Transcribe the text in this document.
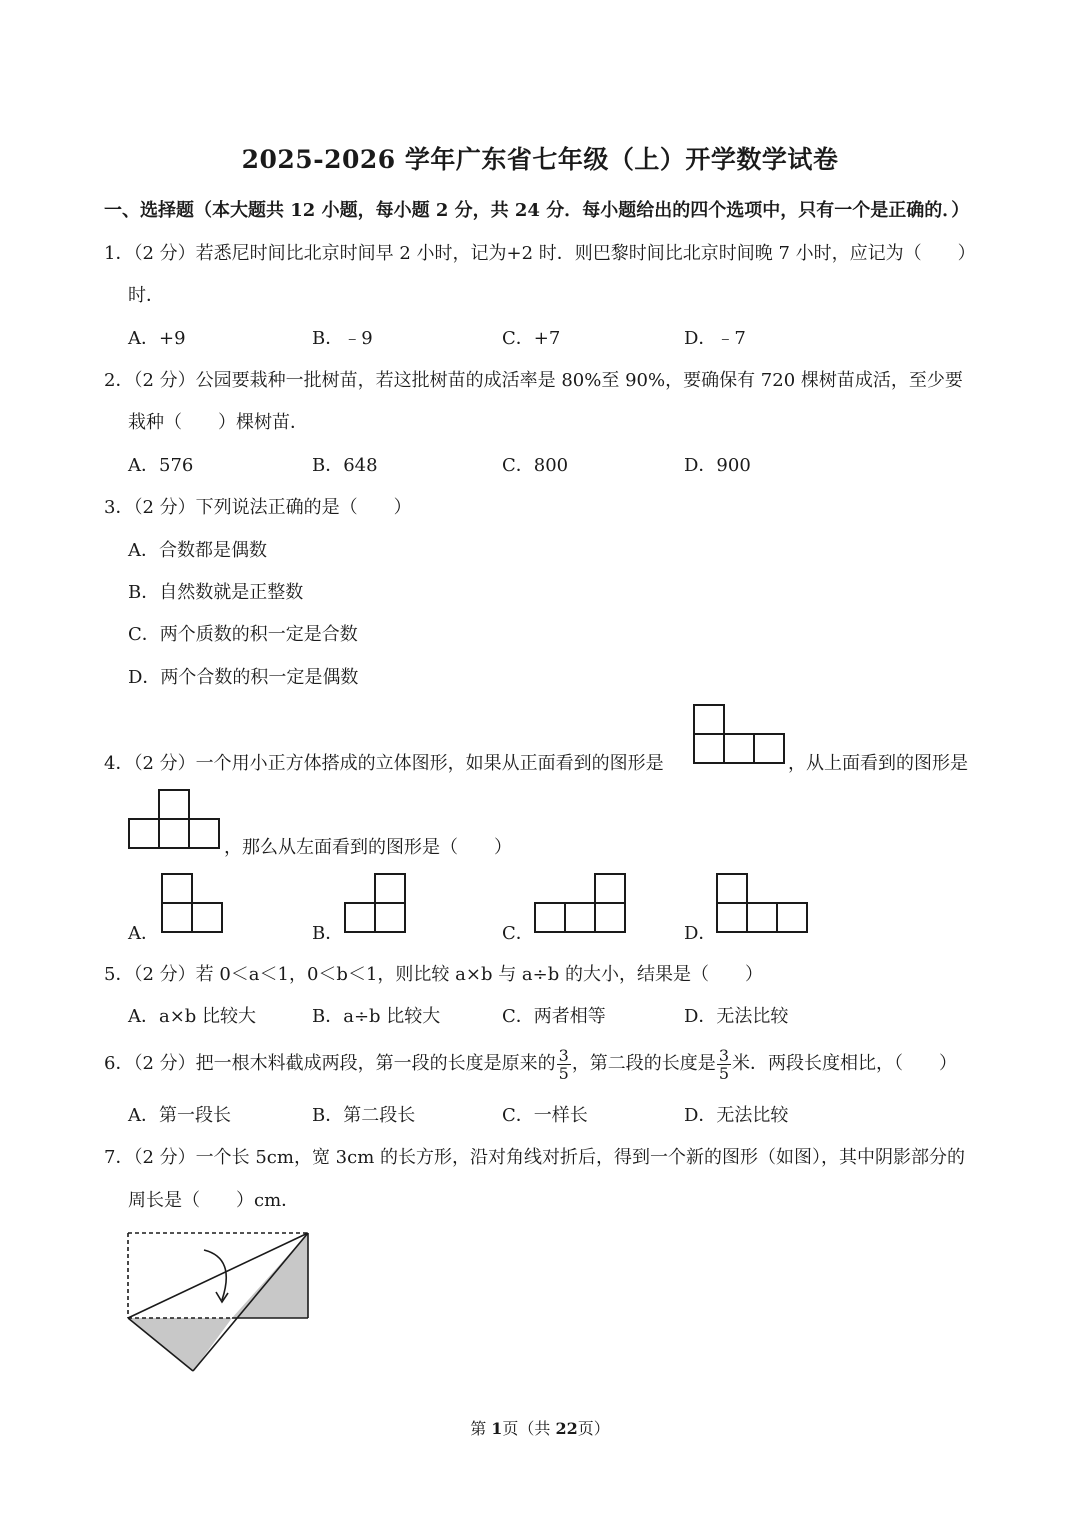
2025-2026 学年广东省七年级（上）开学数学试卷
一、选择题（本大题共 12 小题，每小题 2 分，共 24 分．每小题给出的四个选项中，只有一个是正确的．）
1．（2 分）若悉尼时间比北京时间早 2 小时，记为+2 时．则巴黎时间比北京时间晚 7 小时，应记为（　　）
时．
A．+9	B．﹣9	C．+7	D．﹣7
2．（2 分）公园要栽种一批树苗，若这批树苗的成活率是 80%至 90%，要确保有 720 棵树苗成活，至少要
栽种（　　）棵树苗．
A．576	B．648	C．800	D．900
3．（2 分）下列说法正确的是（　　）
A．合数都是偶数
B．自然数就是正整数
C．两个质数的积一定是合数
D．两个合数的积一定是偶数
4．（2 分）一个用小正方体搭成的立体图形，如果从正面看到的图形是	，从上面看到的图形是
，那么从左面看到的图形是（　　）
A．	B．	C．	D．
5．（2 分）若 0＜a＜1，0＜b＜1，则比较 a×b 与 a÷b 的大小，结果是（　　）
A．a×b 比较大	B．a÷b 比较大	C．两者相等	D．无法比较
6．（2 分）把一根木料截成两段，第一段的长度是原来的 $\frac{3}{5}$ ，第二段的长度是 $\frac{3}{5}$ 米．两段长度相比，（　　）
A．第一段长	B．第二段长	C．一样长	D．无法比较
7．（2 分）一个长 5cm，宽 3cm 的长方形，沿对角线对折后，得到一个新的图形（如图），其中阴影部分的
周长是（　　）cm．
第 1页（共 22页）
